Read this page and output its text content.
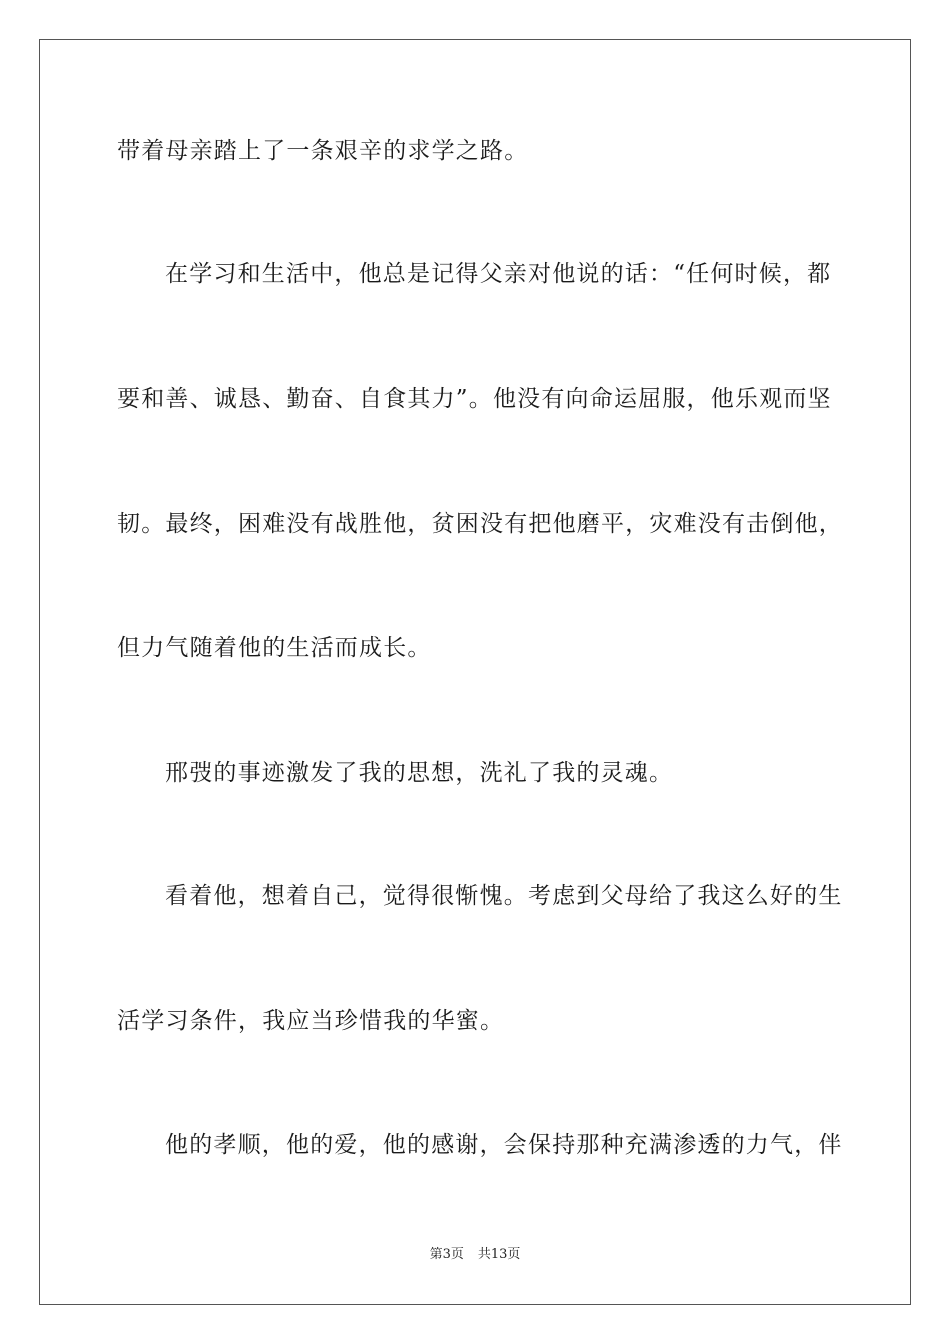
带着母亲踏上了一条艰辛的求学之路。
在学习和生活中，他总是记得父亲对他说的话：“任何时候，都
要和善、诚恳、勤奋、自食其力”。他没有向命运屈服，他乐观而坚
韧。最终，困难没有战胜他，贫困没有把他磨平，灾难没有击倒他，
但力气随着他的生活而成长。
邢弢的事迹激发了我的思想，洗礼了我的灵魂。
看着他，想着自己，觉得很惭愧。考虑到父母给了我这么好的生
活学习条件，我应当珍惜我的华蜜。
他的孝顺，他的爱，他的感谢，会保持那种充满渗透的力气，伴
第3页 共13页
